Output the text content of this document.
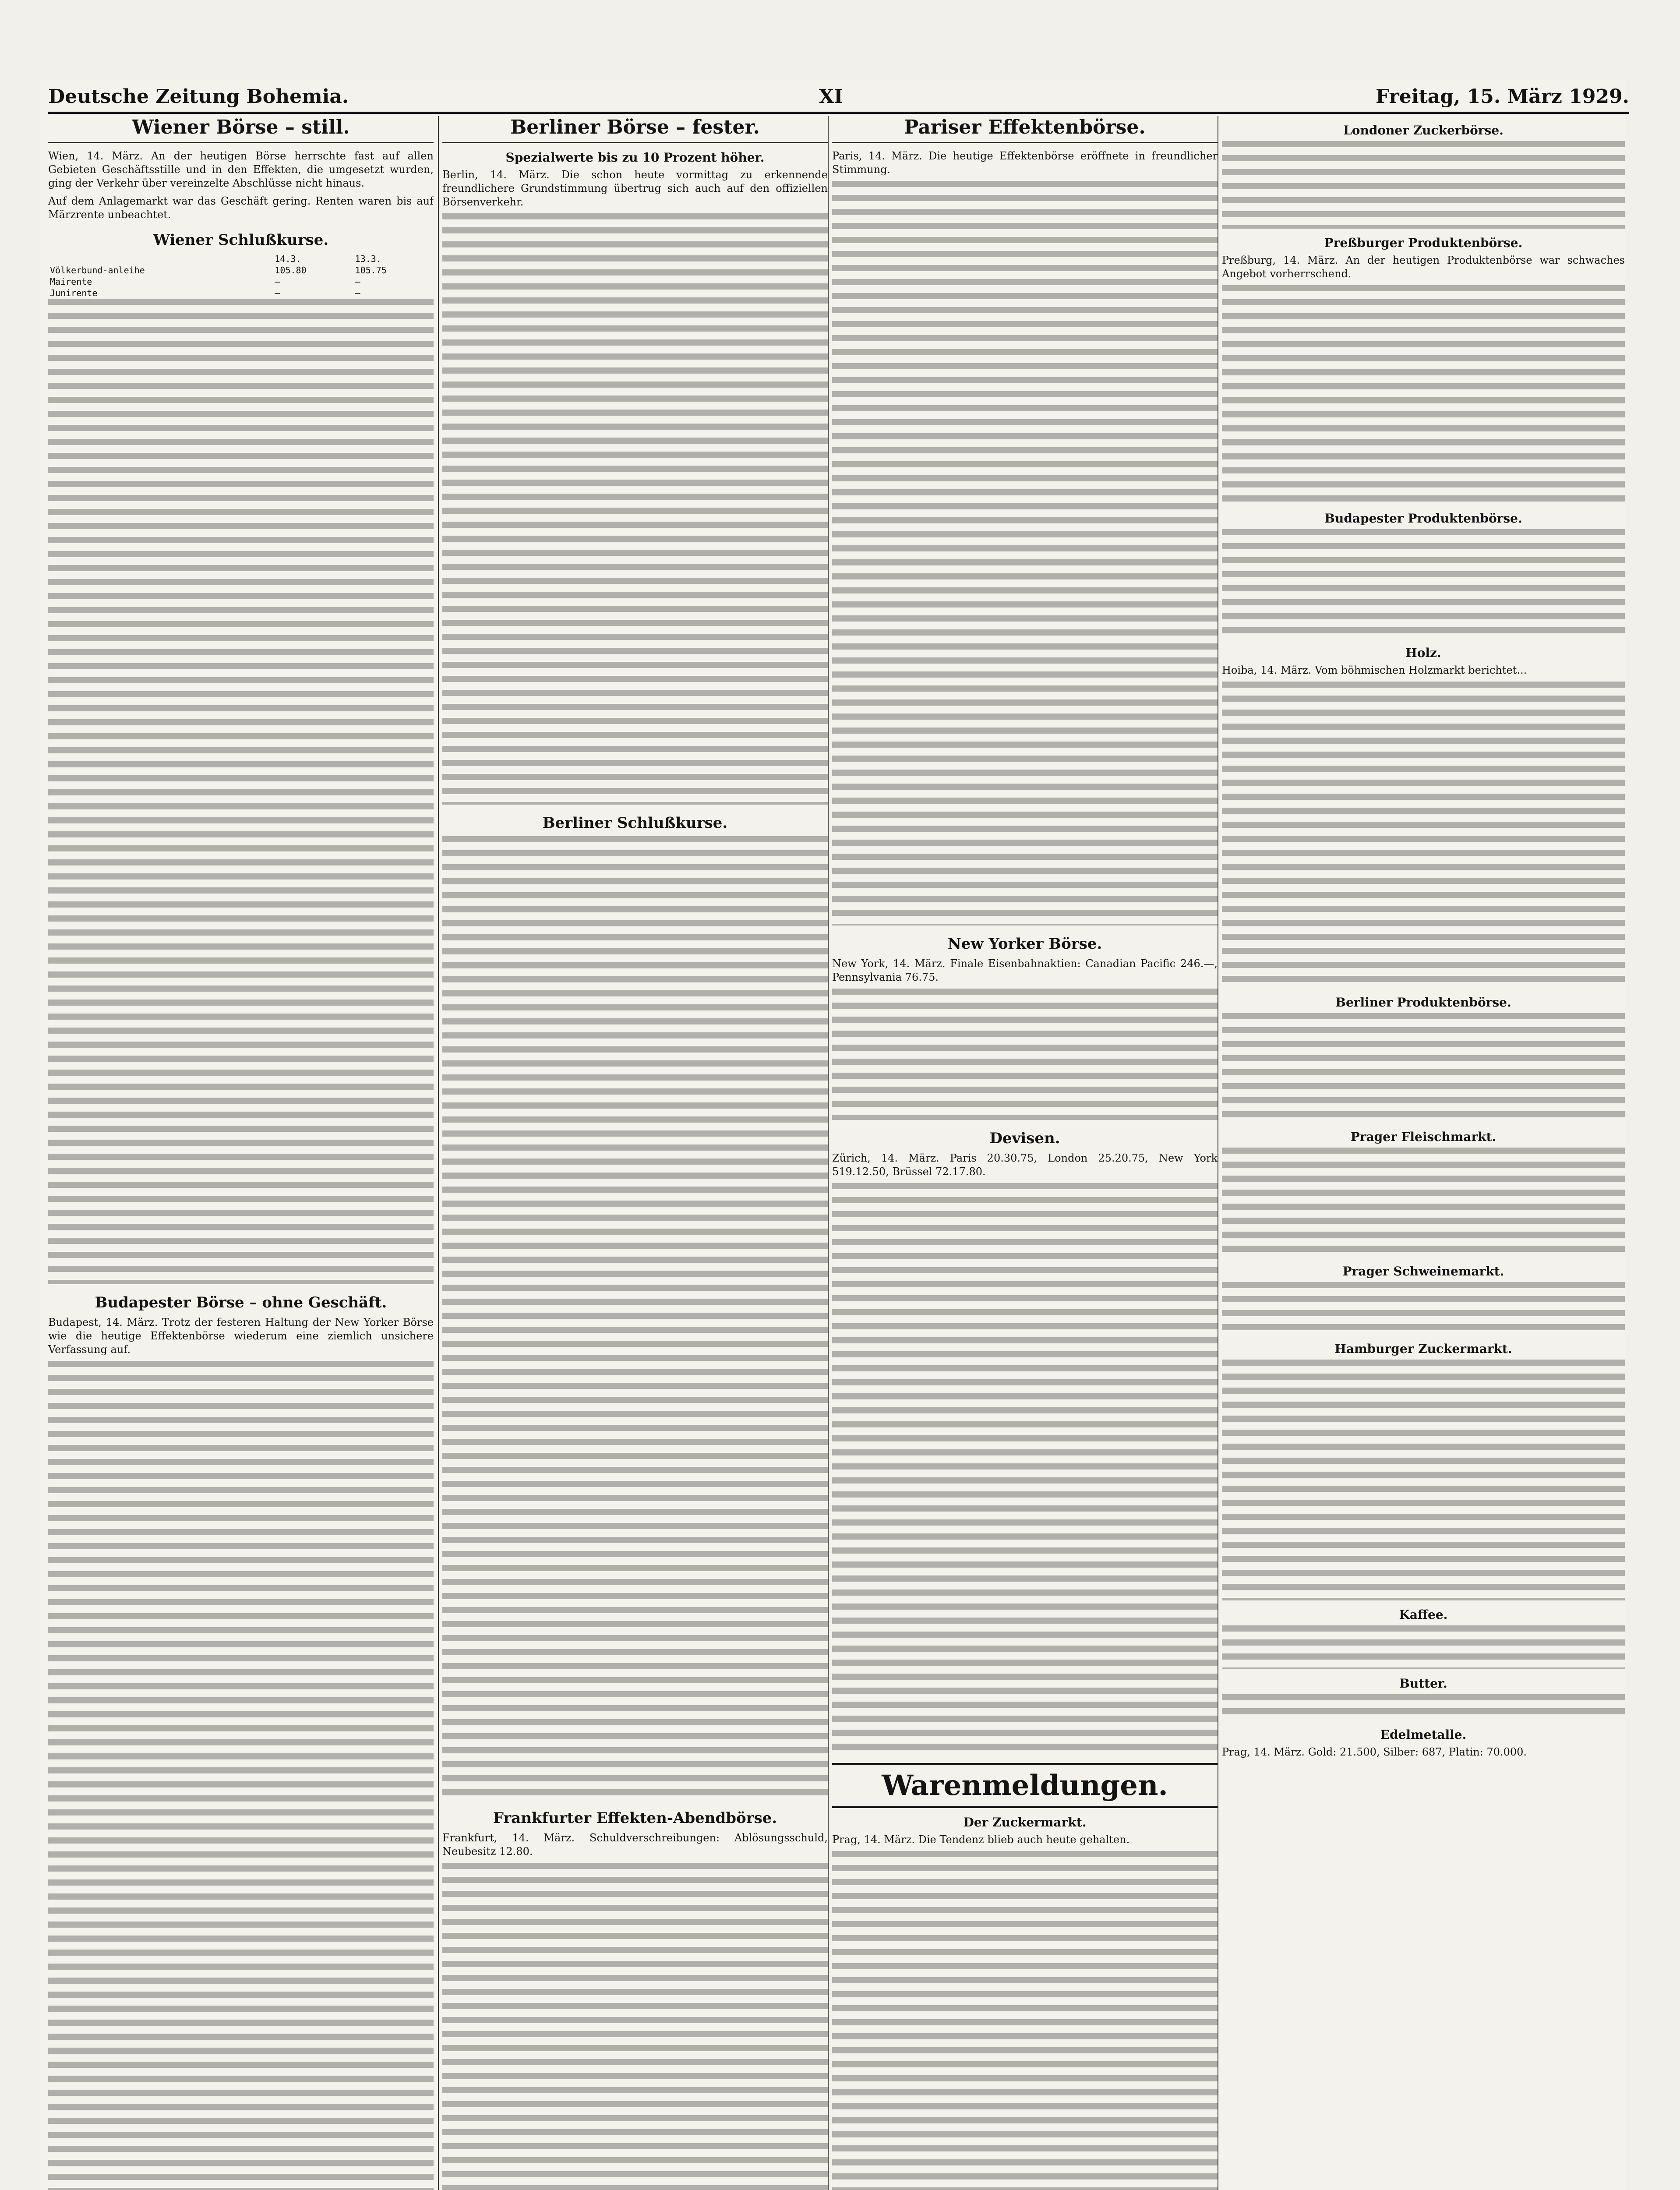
Deutsche Zeitung Bohemia.	XI	Freitag, 15. März 1929.
Wiener Börse – still.

Wien, 14. März. An der heutigen Börse herrschte fast auf allen Gebieten Geschäftsstille und in den Effekten, die umgesetzt wurden, ging der Verkehr über vereinzelte Abschlüsse nicht hinaus.

Auf dem Anlagemarkt war das Geschäft gering. Renten waren bis auf Märzrente unbeachtet.

Wiener Schlußkurse.
	14.3.	13.3.
Völkerbund-anleihe	105.80	105.75
Mairente	—	—
Junirente	—	—
Budapester Börse – ohne Geschäft.

Budapest, 14. März. Trotz der festeren Haltung der New Yorker Börse wie die heutige Effektenbörse wiederum eine ziemlich unsichere Verfassung auf.

Berliner Börse – fester.
Spezialwerte bis zu 10 Prozent höher.

Berlin, 14. März. Die schon heute vormittag zu erkennende freundlichere Grundstimmung übertrug sich auch auf den offiziellen Börsenverkehr.

Berliner Schlußkurse.
Frankfurter Effekten-Abendbörse.

Frankfurt, 14. März. Schuldverschreibungen: Ablösungsschuld, Neubesitz 12.80.

Pariser Effektenbörse.

Paris, 14. März. Die heutige Effektenbörse eröffnete in freundlicher Stimmung.

New Yorker Börse.

New York, 14. März. Finale Eisenbahnaktien: Canadian Pacific 246.—, Pennsylvania 76.75.

Devisen.

Zürich, 14. März. Paris 20.30.75, London 25.20.75, New York 519.12.50, Brüssel 72.17.80.

Warenmeldungen.
Der Zuckermarkt.

Prag, 14. März. Die Tendenz blieb auch heute gehalten.

Londoner Zuckerbörse.
Preßburger Produktenbörse.

Preßburg, 14. März. An der heutigen Produktenbörse war schwaches Angebot vorherrschend.

Budapester Produktenbörse.
Holz.

Hoiba, 14. März. Vom böhmischen Holzmarkt berichtet...

Berliner Produktenbörse.
Prager Fleischmarkt.
Prager Schweinemarkt.
Hamburger Zuckermarkt.
Kaffee.
Butter.
Edelmetalle.

Prag, 14. März. Gold: 21.500, Silber: 687, Platin: 70.000.
